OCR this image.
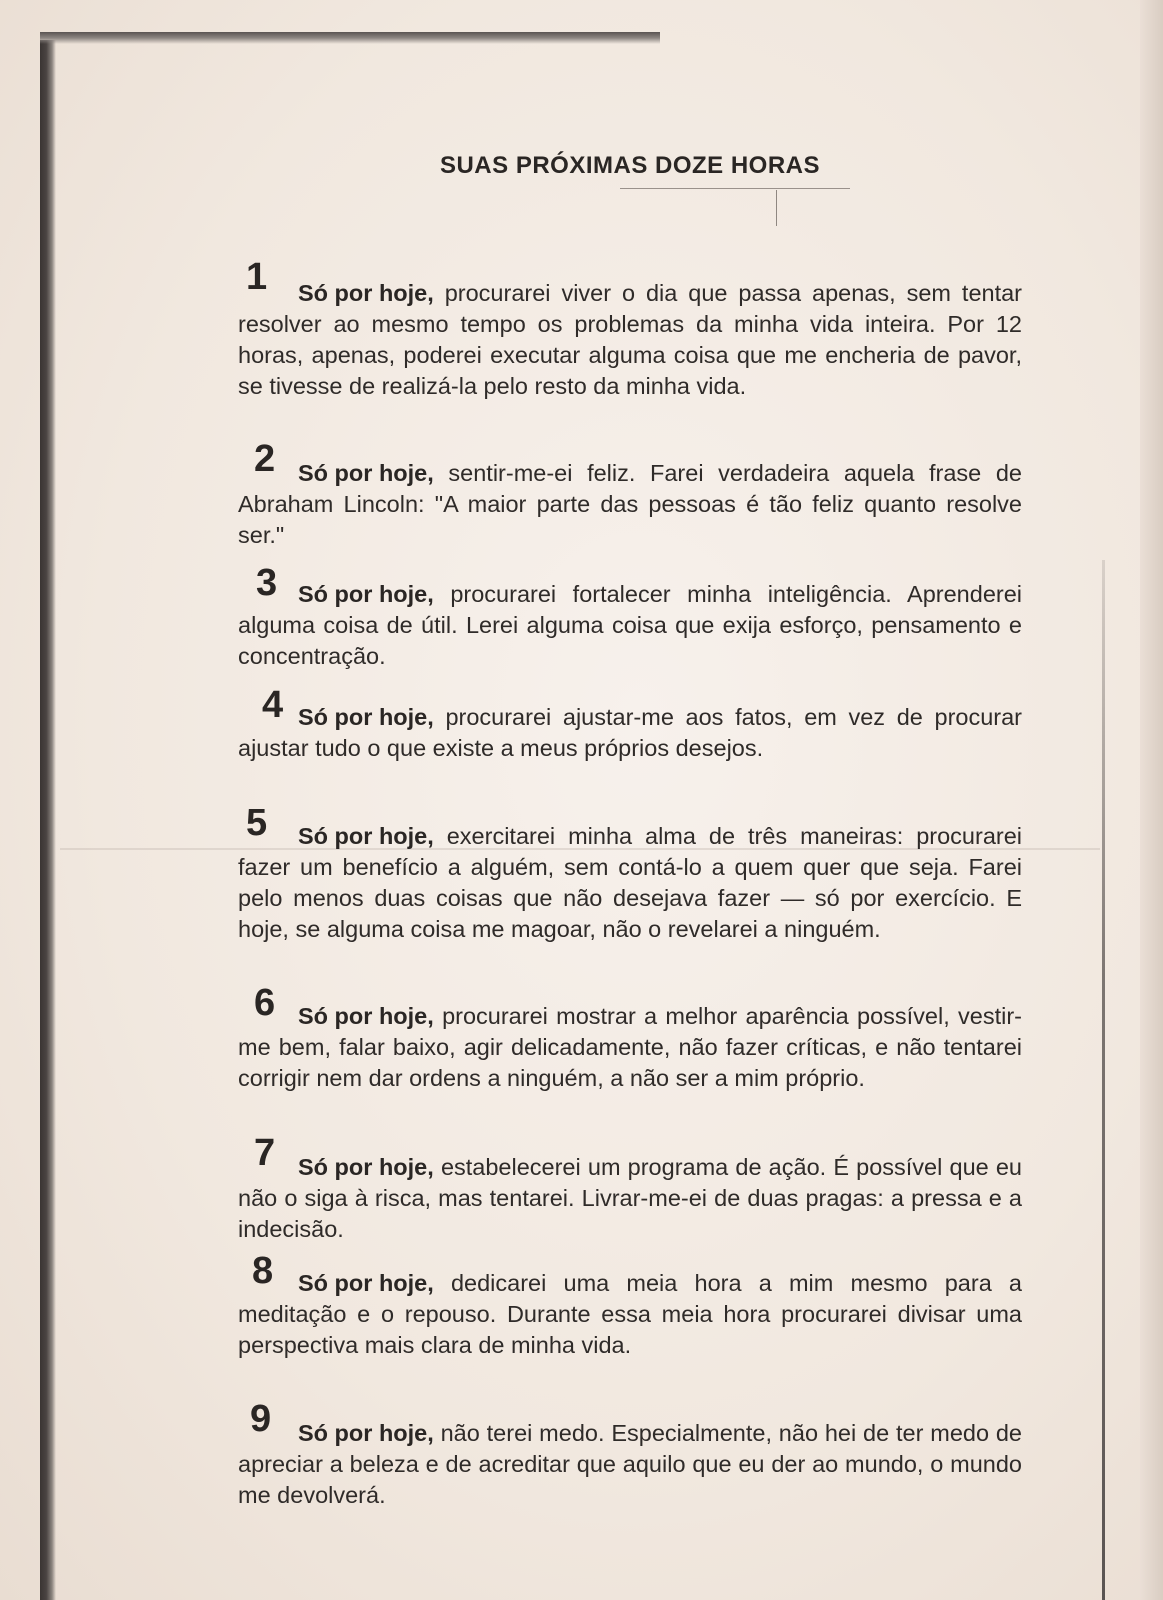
SUAS PRÓXIMAS DOZE HORAS
1	Só por hoje, procurarei viver o dia que passa apenas, sem tentar resolver ao mesmo tempo os problemas da minha vida inteira. Por 12 horas, apenas, poderei executar alguma coisa que me encheria de pavor, se tivesse de realizá-la pelo resto da minha vida.
2 Só por hoje, sentir-me-ei feliz. Farei verdadeira aquela frase de Abraham Lincoln: "A maior parte das pessoas é tão feliz quanto resolve ser."
3 Só por hoje, procurarei fortalecer minha inteligência. Aprenderei alguma coisa de útil. Lerei alguma coisa que exija esforço, pensamento e concentração.
4 Só por hoje, procurarei ajustar-me aos fatos, em vez de procurar ajustar tudo o que existe a meus próprios desejos.
5	Só por hoje, exercitarei minha alma de três maneiras: procurarei fazer um benefício a alguém, sem contá-lo a quem quer que seja. Farei pelo menos duas coisas que não desejava fazer — só por exercício. E hoje, se alguma coisa me magoar, não o revelarei a ninguém.
6 Só por hoje, procurarei mostrar a melhor aparência possível, vestir-me bem, falar baixo, agir delicadamente, não fazer críticas, e não tentarei corrigir nem dar ordens a ninguém, a não ser a mim próprio.
7 Só por hoje, estabelecerei um programa de ação. É possível que eu não o siga à risca, mas tentarei. Livrar-me-ei de duas pragas: a pressa e a indecisão.
8	Só por hoje, dedicarei uma meia hora a mim mesmo para a meditação e o repouso. Durante essa meia hora procurarei divisar uma perspectiva mais clara de minha vida.
9	Só por hoje, não terei medo. Especialmente, não hei de ter medo de apreciar a beleza e de acreditar que aquilo que eu der ao mundo, o mundo me devolverá.
